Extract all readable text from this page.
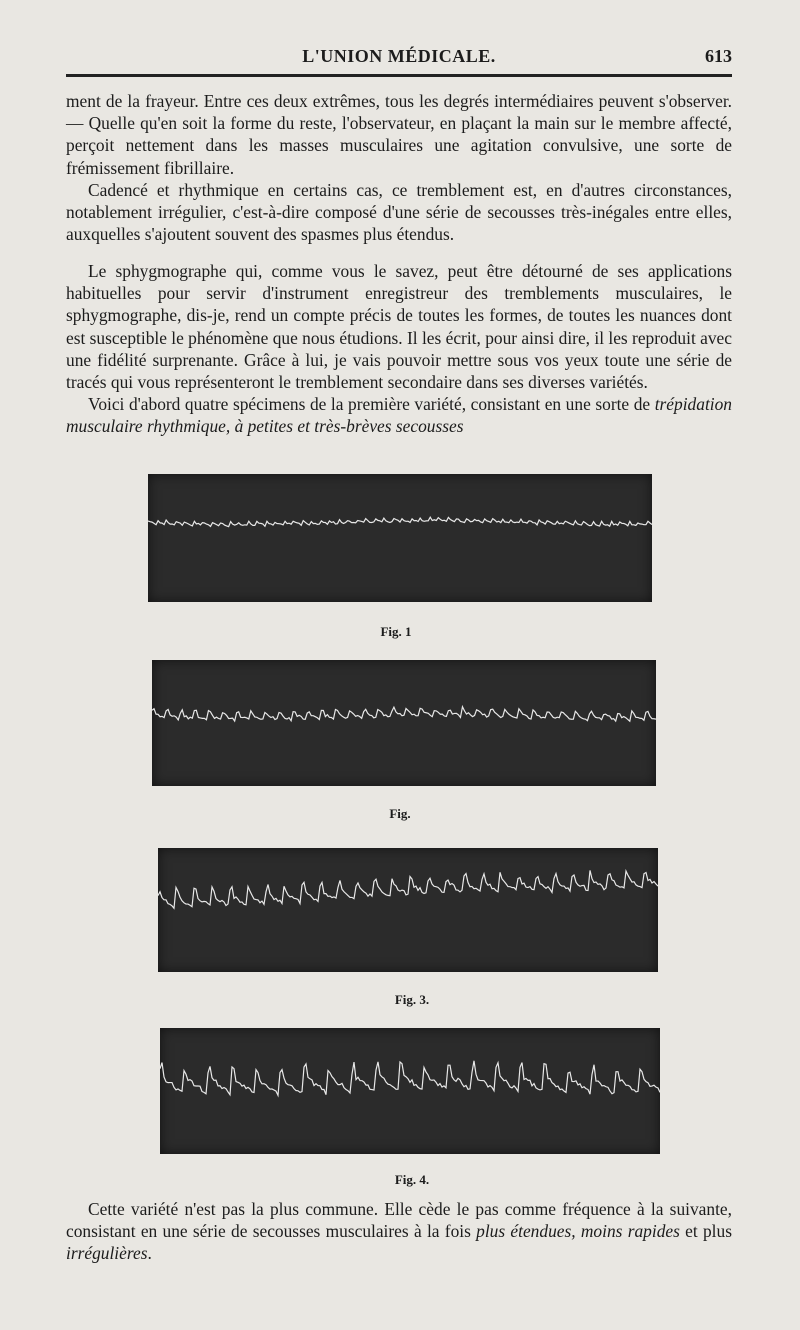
L'UNION MÉDICALE.	613

ment de la frayeur. Entre ces deux extrêmes, tous les degrés intermédiaires peuvent s'observer. — Quelle qu'en soit la forme du reste, l'observateur, en plaçant la main sur le membre affecté, perçoit nettement dans les masses musculaires une agitation convulsive, une sorte de frémissement fibrillaire.

Cadencé et rhythmique en certains cas, ce tremblement est, en d'autres circonstances, notablement irrégulier, c'est-à-dire composé d'une série de secousses très-inégales entre elles, auxquelles s'ajoutent souvent des spasmes plus étendus.

Le sphygmographe qui, comme vous le savez, peut être détourné de ses applications habituelles pour servir d'instrument enregistreur des tremblements musculaires, le sphygmographe, dis-je, rend un compte précis de toutes les formes, de toutes les nuances dont est susceptible le phénomène que nous étudions. Il les écrit, pour ainsi dire, il les reproduit avec une fidélité surprenante. Grâce à lui, je vais pouvoir mettre sous vos yeux toute une série de tracés qui vous représenteront le tremblement secondaire dans ses diverses variétés.

Voici d'abord quatre spécimens de la première variété, consistant en une sorte de trépidation musculaire rhythmique, à petites et très-brèves secousses

Fig. 1
Fig.
Fig. 3.
Fig. 4.

Cette variété n'est pas la plus commune. Elle cède le pas comme fréquence à la suivante, consistant en une série de secousses musculaires à la fois plus étendues, moins rapides et plus irrégulières.
